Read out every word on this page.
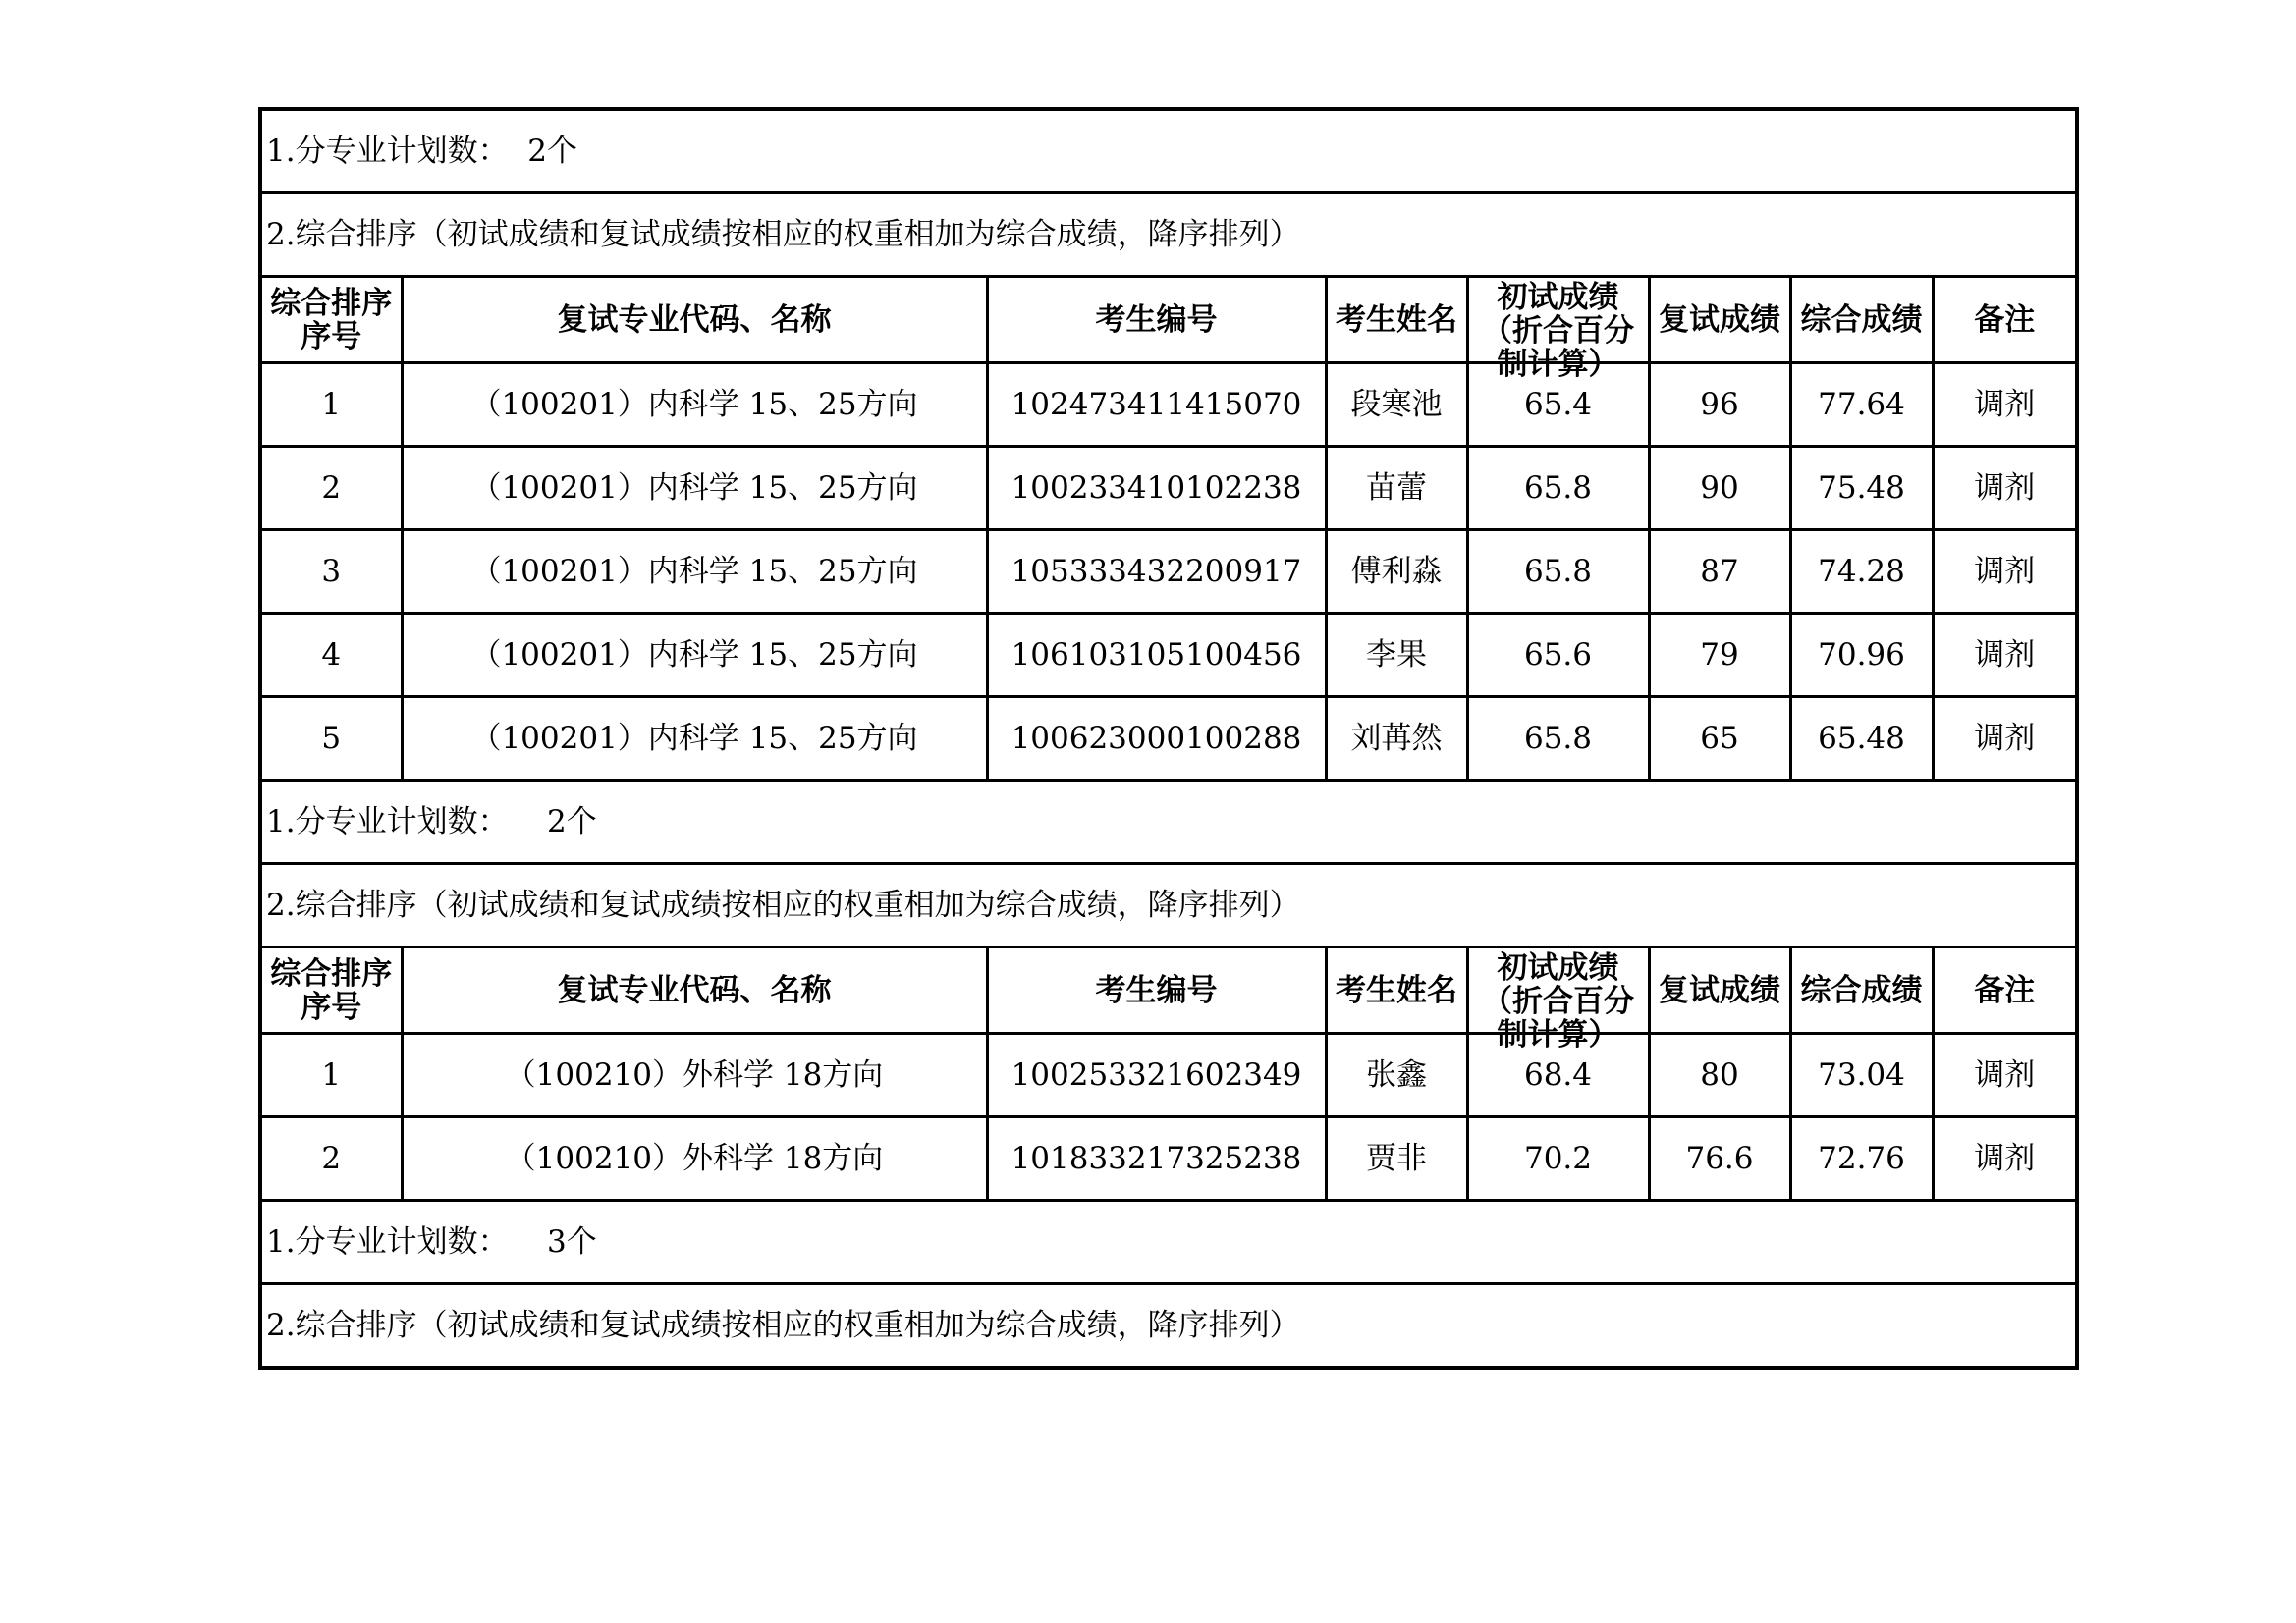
1.分专业计划数：  2个							
2.综合排序（初试成绩和复试成绩按相应的权重相加为综合成绩，降序排列）							

综合排序序号	复试专业代码、名称	考生编号	考生姓名	初试成绩（折合百分制计算）	复试成绩	综合成绩	备注
1	（100201）内科学 15、25方向	102473411415070	段寒池	65.4	96	77.64	调剂
2	（100201）内科学 15、25方向	100233410102238	苗蕾	65.8	90	75.48	调剂
3	（100201）内科学 15、25方向	105333432200917	傅利淼	65.8	87	74.28	调剂
4	（100201）内科学 15、25方向	106103105100456	李果	65.6	79	70.96	调剂
5	（100201）内科学 15、25方向	100623000100288	刘苒然	65.8	65	65.48	调剂
1.分专业计划数：    2个							
2.综合排序（初试成绩和复试成绩按相应的权重相加为综合成绩，降序排列）							

综合排序序号	复试专业代码、名称	考生编号	考生姓名	初试成绩（折合百分制计算）	复试成绩	综合成绩	备注
1	（100210）外科学 18方向	100253321602349	张鑫	68.4	80	73.04	调剂
2	（100210）外科学 18方向	101833217325238	贾非	70.2	76.6	72.76	调剂
1.分专业计划数：    3个							
2.综合排序（初试成绩和复试成绩按相应的权重相加为综合成绩，降序排列）							
